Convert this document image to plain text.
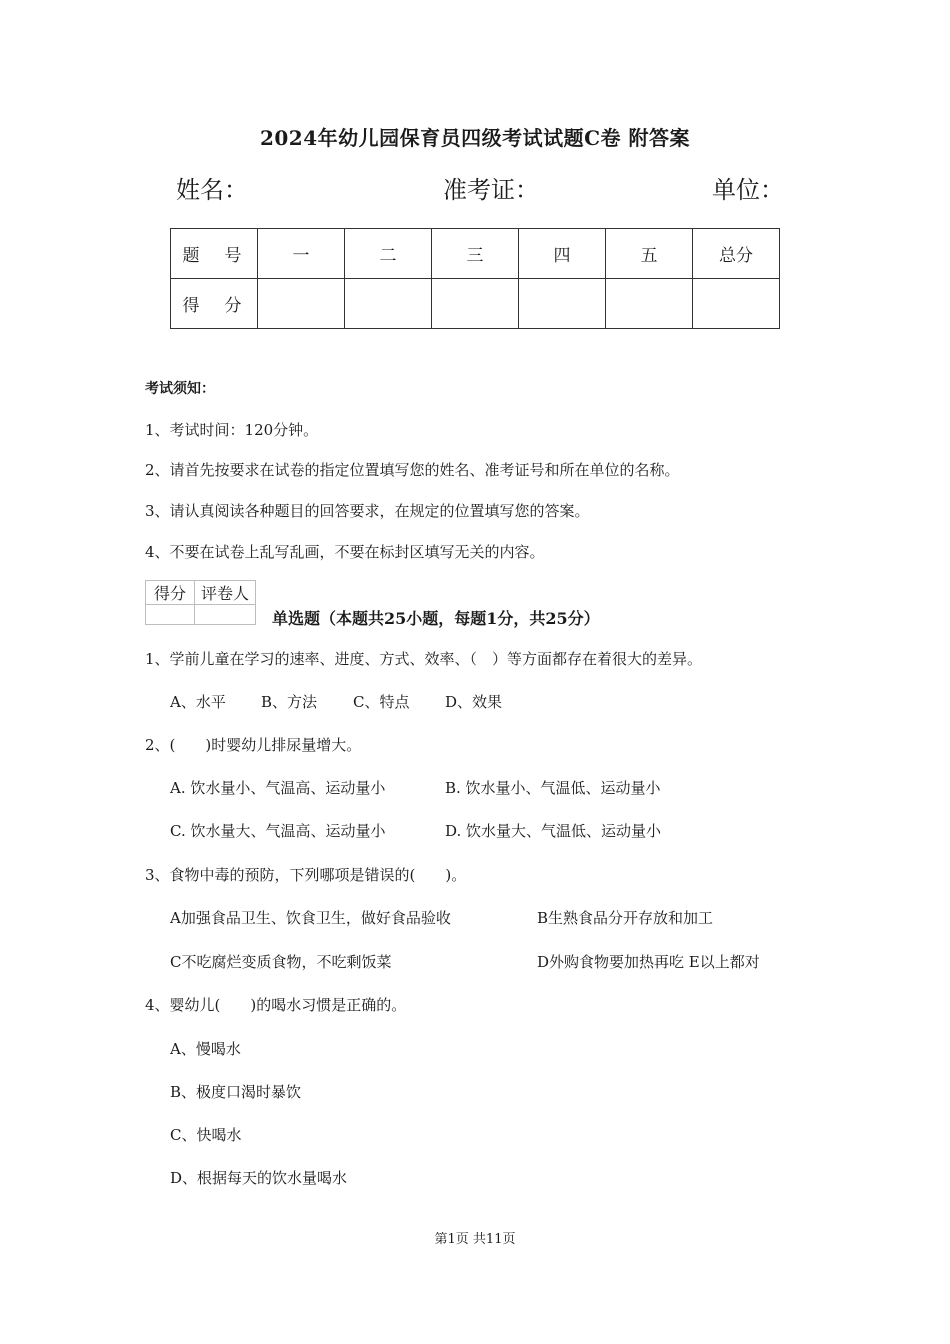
2024年幼儿园保育员四级考试试题C卷 附答案
姓名：	准考证：	单位：
题　号	一	二	三	四	五	总分
得　分						
考试须知：
1、考试时间：120分钟。
2、请首先按要求在试卷的指定位置填写您的姓名、准考证号和所在单位的名称。
3、请认真阅读各种题目的回答要求，在规定的位置填写您的答案。
4、不要在试卷上乱写乱画，不要在标封区填写无关的内容。
得分	评卷人

单选题（本题共25小题，每题1分，共25分）
1、学前儿童在学习的速率、进度、方式、效率、（　）等方面都存在着很大的差异。
A、水平 B、方法 C、特点 D、效果
2、(　　)时婴幼儿排尿量增大。
A. 饮水量小、气温高、运动量小	B. 饮水量小、气温低、运动量小
C. 饮水量大、气温高、运动量小	D. 饮水量大、气温低、运动量小
3、食物中毒的预防，下列哪项是错误的(　　)。
A加强食品卫生、饮食卫生，做好食品验收	B生熟食品分开存放和加工
C不吃腐烂变质食物，不吃剩饭菜	D外购食物要加热再吃 E以上都对
4、婴幼儿(　　)的喝水习惯是正确的。
A、慢喝水
B、极度口渴时暴饮
C、快喝水
D、根据每天的饮水量喝水
第1页 共11页
